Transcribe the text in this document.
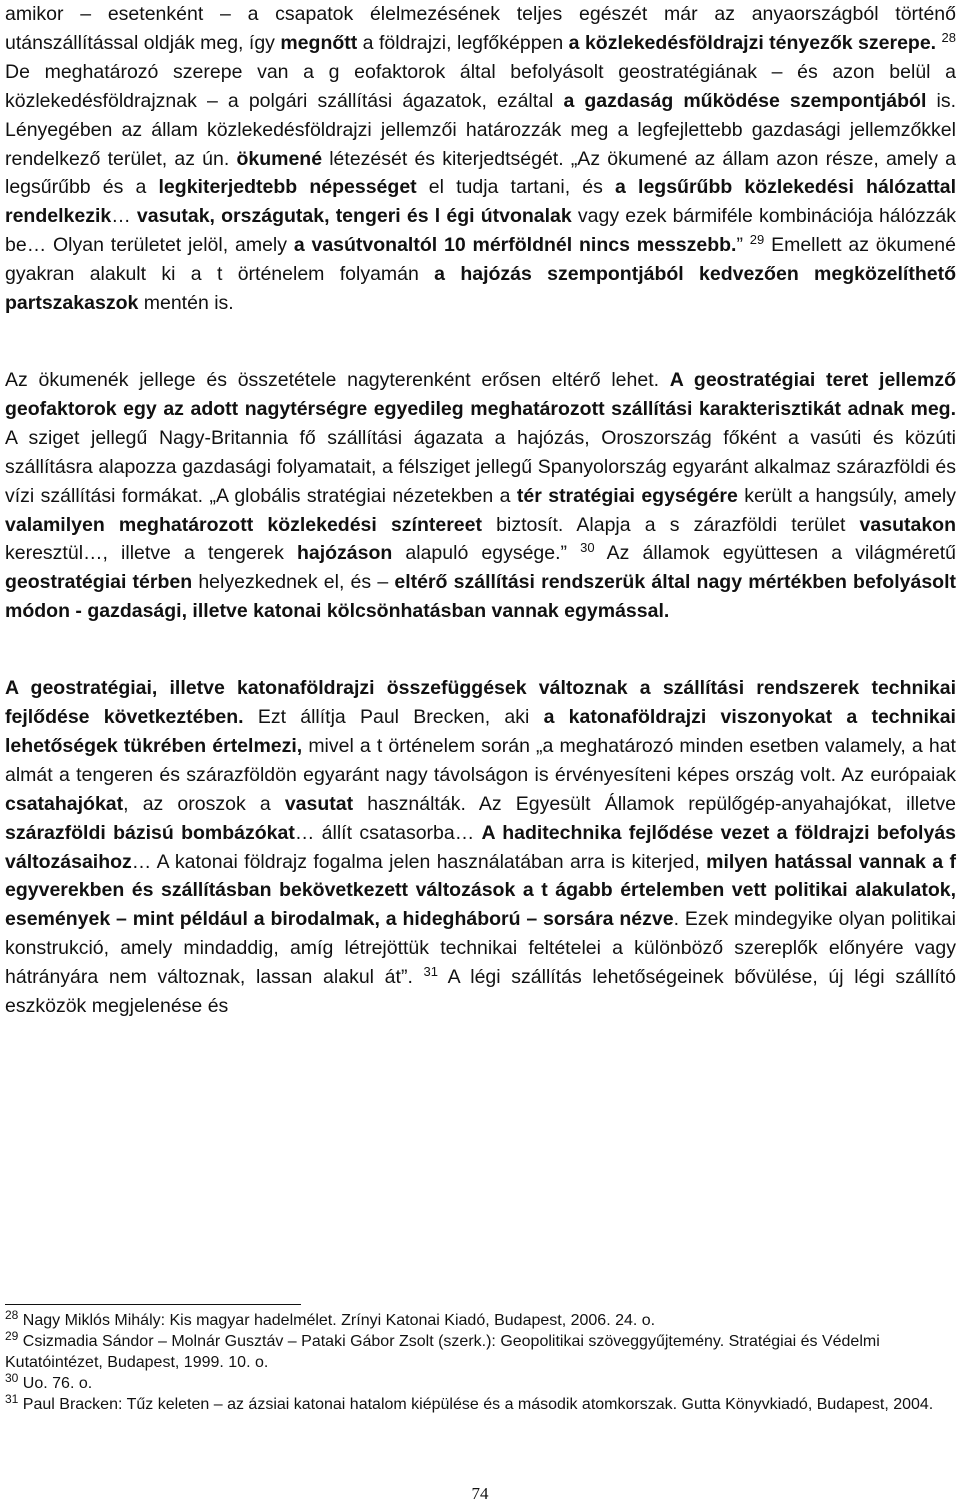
amikor – esetenként – a csapatok élelmezésének teljes egészét már az anyaországból történő utánszállítással oldják meg, így megnőtt a földrajzi, legfőképpen a közlekedésföldrajzi tényezők szerepe. $^{28}$ De meghatározó szerepe van a g eofaktorok által befolyásolt geostratégiának – és azon belül a közlekedésföldrajznak – a polgári szállítási ágazatok, ezáltal a gazdaság működése szempontjából is. Lényegében az állam közlekedésföldrajzi jellemzői határozzák meg a legfejlettebb gazdasági jellemzőkkel rendelkező terület, az ún. ökumené létezését és kiterjedtségét. „Az ökumené az állam azon része, amely a legsűrűbb és a legkiterjedtebb népességet el tudja tartani, és a legsűrűbb közlekedési hálózattal rendelkezik… vasutak, országutak, tengeri és l égi útvonalak vagy ezek bármiféle kombinációja hálózzák be… Olyan területet jelöl, amely a vasútvonaltól 10 mérföldnél nincs messzebb.” $^{29}$ Emellett az ökumené gyakran alakult ki a t örténelem folyamán a hajózás szempontjából kedvezően megközelíthető partszakaszok mentén is.

Az ökumenék jellege és összetétele nagyterenként erősen eltérő lehet. A geostratégiai teret jellemző geofaktorok egy az adott nagytérségre egyedileg meghatározott szállítási karakterisztikát adnak meg. A sziget jellegű Nagy-Britannia fő szállítási ágazata a hajózás, Oroszország főként a vasúti és közúti szállításra alapozza gazdasági folyamatait, a félsziget jellegű Spanyolország egyaránt alkalmaz szárazföldi és vízi szállítási formákat. „A globális stratégiai nézetekben a tér stratégiai egységére került a hangsúly, amely valamilyen meghatározott közlekedési színtereet biztosít. Alapja a s zárazföldi terület vasutakon keresztül…, illetve a tengerek hajózáson alapuló egysége.” $^{30}$ Az államok együttesen a világméretű geostratégiai térben helyezkednek el, és – eltérő szállítási rendszerük által nagy mértékben befolyásolt módon - gazdasági, illetve katonai kölcsönhatásban vannak egymással.

A geostratégiai, illetve katonaföldrajzi összefüggések változnak a szállítási rendszerek technikai fejlődése következtében. Ezt állítja Paul Brecken, aki a katonaföldrajzi viszonyokat a technikai lehetőségek tükrében értelmezi, mivel a t örténelem során „a meghatározó minden esetben valamely, a hat almát a tengeren és szárazföldön egyaránt nagy távolságon is érvényesíteni képes ország volt. Az európaiak csatahajókat, az oroszok a vasutat használták. Az Egyesült Államok repülőgép-anyahajókat, illetve szárazföldi bázisú bombázókat… állít csatasorba… A haditechnika fejlődése vezet a földrajzi befolyás változásaihoz… A katonai földrajz fogalma jelen használatában arra is kiterjed, milyen hatással vannak a f egyverekben és szállításban bekövetkezett változások a t ágabb értelemben vett politikai alakulatok, események – mint például a birodalmak, a hidegháború – sorsára nézve. Ezek mindegyike olyan politikai konstrukció, amely mindaddig, amíg létrejöttük technikai feltételei a különböző szereplők előnyére vagy hátrányára nem változnak, lassan alakul át”. $^{31}$ A légi szállítás lehetőségeinek bővülése, új légi szállító eszközök megjelenése és

$^{28}$ Nagy Miklós Mihály: Kis magyar hadelmélet. Zrínyi Katonai Kiadó, Budapest, 2006. 24. o.

$^{29}$ Csizmadia Sándor – Molnár Gusztáv – Pataki Gábor Zsolt (szerk.): Geopolitikai szöveggyűjtemény. Stratégiai és Védelmi Kutatóintézet, Budapest, 1999. 10. o.

$^{30}$ Uo. 76. o.

$^{31}$ Paul Bracken: Tűz keleten – az ázsiai katonai hatalom kiépülése és a második atomkorszak. Gutta Könyvkiadó, Budapest, 2004.

74
